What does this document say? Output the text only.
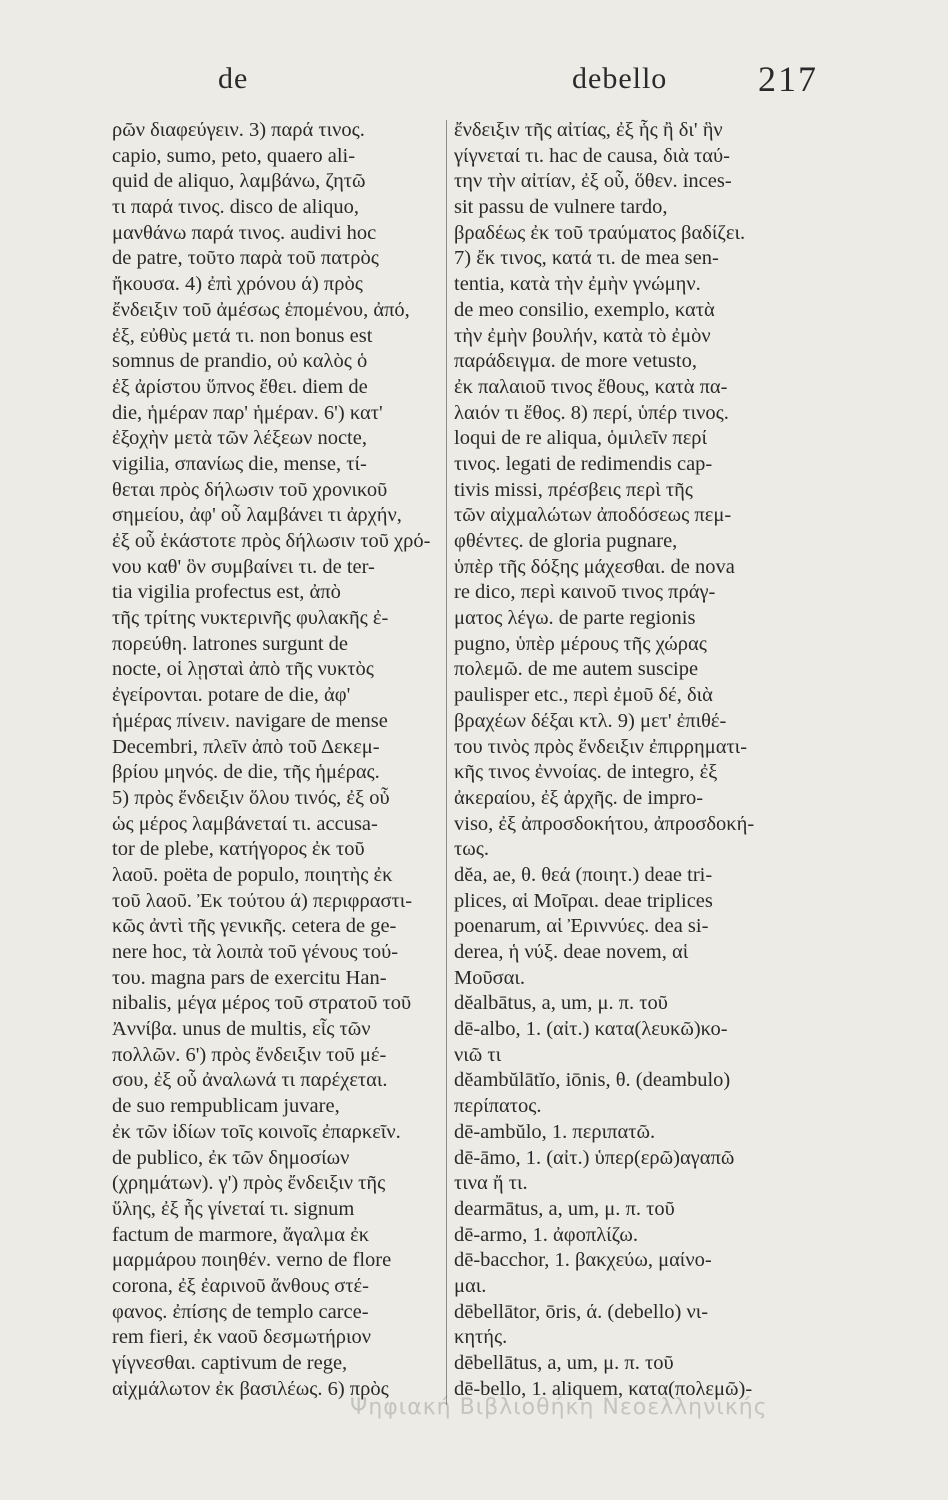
de	debello	217
ρῶν διαφεύγειν. 3) παρά τινος.
capio, sumo, peto, quaero ali-
quid de aliquo, λαμβάνω, ζητῶ
τι παρά τινος. disco de aliquo,
μανθάνω παρά τινος. audivi hoc
de patre, τοῦτο παρὰ τοῦ πατρὸς
ἤκουσα. 4) ἐπὶ χρόνου ά) πρὸς
ἔνδειξιν τοῦ ἀμέσως ἑπομένου, ἀπό,
ἐξ, εὐθὺς μετά τι. non bonus est
somnus de prandio, οὐ καλὸς ὁ
ἐξ ἀρίστου ὕπνος ἔθει. diem de
die, ἡμέραν παρ' ἡμέραν. 6') κατ'
ἐξοχὴν μετὰ τῶν λέξεων nocte,
vigilia, σπανίως die, mense, τί-
θεται πρὸς δήλωσιν τοῦ χρονικοῦ
σημείου, ἀφ' οὗ λαμβάνει τι ἀρχήν,
ἐξ οὗ ἑκάστοτε πρὸς δήλωσιν τοῦ χρό-
νου καθ' ὃν συμβαίνει τι. de ter-
tia vigilia profectus est, ἀπὸ
τῆς τρίτης νυκτερινῆς φυλακῆς ἐ-
πορεύθη. latrones surgunt de
nocte, οἱ λῃσταὶ ἀπὸ τῆς νυκτὸς
ἐγείρονται. potare de die, ἀφ'
ἡμέρας πίνειν. navigare de mense
Decembri, πλεῖν ἀπὸ τοῦ Δεκεμ-
βρίου μηνός. de die, τῆς ἡμέρας.
5) πρὸς ἔνδειξιν ὅλου τινός, ἐξ οὗ
ὡς μέρος λαμβάνεταί τι. accusa-
tor de plebe, κατήγορος ἐκ τοῦ
λαοῦ. poëta de populo, ποιητὴς ἐκ
τοῦ λαοῦ. Ἐκ τούτου ά) περιφραστι-
κῶς ἀντὶ τῆς γενικῆς. cetera de ge-
nere hoc, τὰ λοιπὰ τοῦ γένους τού-
του. magna pars de exercitu Han-
nibalis, μέγα μέρος τοῦ στρατοῦ τοῦ
Ἀννίβα. unus de multis, εἷς τῶν
πολλῶν. 6') πρὸς ἔνδειξιν τοῦ μέ-
σου, ἐξ οὗ ἀναλωνά τι παρέχεται.
de suo rempublicam juvare,
ἐκ τῶν ἰδίων τοῖς κοινοῖς ἐπαρκεῖν.
de publico, ἐκ τῶν δημοσίων
(χρημάτων). γ') πρὸς ἔνδειξιν τῆς
ὕλης, ἐξ ἧς γίνεταί τι. signum
factum de marmore, ἄγαλμα ἐκ
μαρμάρου ποιηθέν. verno de flore
corona, ἐξ ἐαρινοῦ ἄνθους στέ-
φανος. ἐπίσης de templo carce-
rem fieri, ἐκ ναοῦ δεσμωτήριον
γίγνεσθαι. captivum de rege,
αἰχμάλωτον ἐκ βασιλέως. 6) πρὸς
ἔνδειξιν τῆς αἰτίας, ἐξ ἧς ἢ δι' ἣν
γίγνεταί τι. hac de causa, διὰ ταύ-
την τὴν αἰτίαν, ἐξ οὗ, ὅθεν. inces-
sit passu de vulnere tardo,
βραδέως ἐκ τοῦ τραύματος βαδίζει.
7) ἔκ τινος, κατά τι. de mea sen-
tentia, κατὰ τὴν ἐμὴν γνώμην.
de meo consilio, exemplo, κατὰ
τὴν ἐμὴν βουλήν, κατὰ τὸ ἐμὸν
παράδειγμα. de more vetusto,
ἐκ παλαιοῦ τινος ἔθους, κατὰ πα-
λαιόν τι ἔθος. 8) περί, ὑπέρ τινος.
loqui de re aliqua, ὁμιλεῖν περί
τινος. legati de redimendis cap-
tivis missi, πρέσβεις περὶ τῆς
τῶν αἰχμαλώτων ἀποδόσεως πεμ-
φθέντες. de gloria pugnare,
ὑπὲρ τῆς δόξης μάχεσθαι. de nova
re dico, περὶ καινοῦ τινος πράγ-
ματος λέγω. de parte regionis
pugno, ὑπὲρ μέρους τῆς χώρας
πολεμῶ. de me autem suscipe
paulisper etc., περὶ ἐμοῦ δέ, διὰ
βραχέων δέξαι κτλ. 9) μετ' ἐπιθέ-
του τινὸς πρὸς ἔνδειξιν ἐπιρρηματι-
κῆς τινος ἐννοίας. de integro, ἐξ
ἀκεραίου, ἐξ ἀρχῆς. de impro-
viso, ἐξ ἀπροσδοκήτου, ἀπροσδοκή-
τως.
dĕa, ae, θ. θεά (ποιητ.) deae tri-
plices, αἱ Μοῖραι. deae triplices
poenarum, αἱ Ἐριννύες. dea si-
derea, ἡ νύξ. deae novem, αἱ
Μοῦσαι.
dĕalbātus, a, um, μ. π. τοῦ
dē-albo, 1. (αἰτ.) κατα(λευκῶ)κο-
νιῶ τι
dĕambŭlātĭo, iōnis, θ. (deambulo)
περίπατος.
dē-ambŭlo, 1. περιπατῶ.
dē-āmo, 1. (αἰτ.) ὑπερ(ερῶ)αγαπῶ
τινα ἤ τι.
dearmātus, a, um, μ. π. τοῦ
dē-armo, 1. ἀφοπλίζω.
dē-bacchor, 1. βακχεύω, μαίνο-
μαι.
dēbellātor, ōris, ά. (debello) νι-
κητής.
dēbellātus, a, um, μ. π. τοῦ
dē-bello, 1. aliquem, κατα(πολεμῶ)-
Ψηφιακή Βιβλιοθήκη Νεοελληνικής
